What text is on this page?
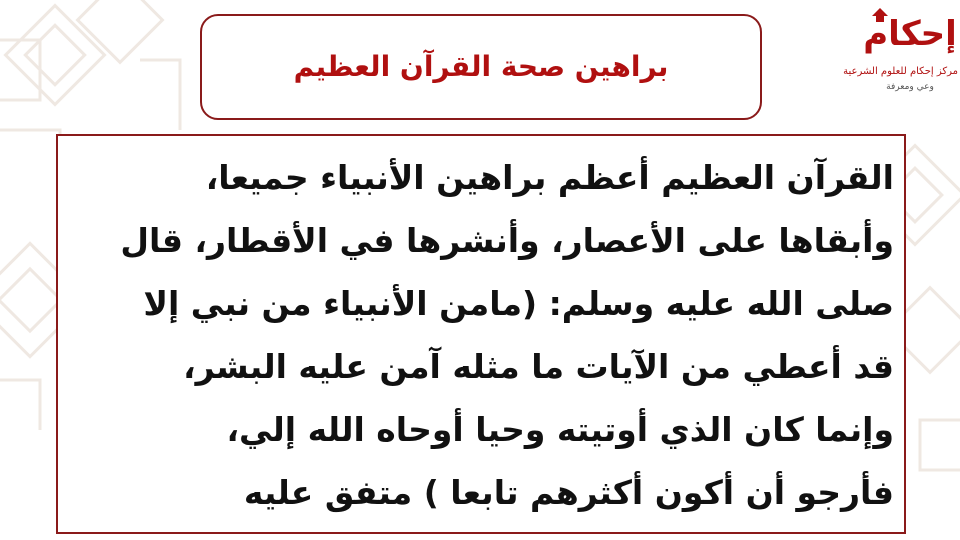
إحكام
مركز إحكام للعلوم الشرعية
وعي ومعرفة
براهين صحة القرآن العظيم
القرآن العظيم أعظم براهين الأنبياء جميعا،
وأبقاها على الأعصار، وأنشرها في الأقطار، قال
صلى الله عليه وسلم: (مامن الأنبياء من نبي إلا
قد أعطي من الآيات ما مثله آمن عليه البشر،
وإنما كان الذي أوتيته وحيا أوحاه الله إلي،
فأرجو أن أكون أكثرهم تابعا ) متفق عليه
